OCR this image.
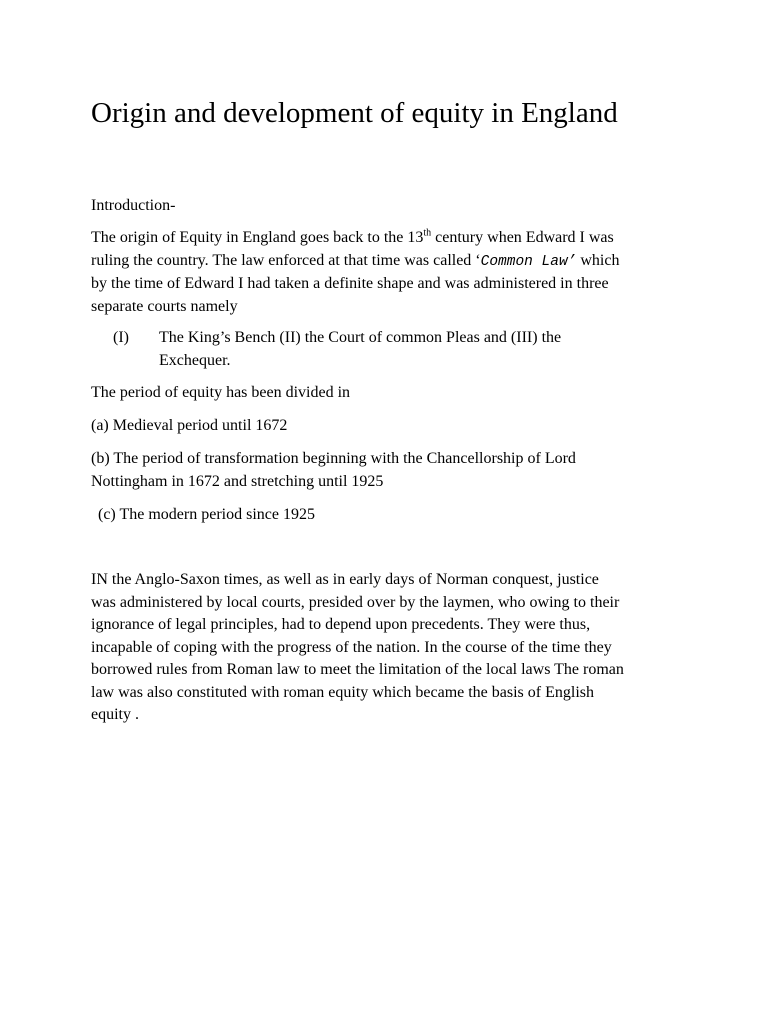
Origin and development of equity in England
Introduction-
The origin of Equity in England goes back to the 13th century when Edward I was
ruling the country. The law enforced at that time was called ‘Common Law’ which
by the time of Edward I had taken a definite shape and was administered in three
separate courts namely
(I) The King’s Bench (II) the Court of common Pleas and (III) the
Exchequer.
The period of equity has been divided in
(a) Medieval period until 1672
(b) The period of transformation beginning with the Chancellorship of Lord
Nottingham in 1672 and stretching until 1925
(c) The modern period since 1925
IN the Anglo-Saxon times, as well as in early days of Norman conquest, justice
was administered by local courts, presided over by the laymen, who owing to their
ignorance of legal principles, had to depend upon precedents. They were thus,
incapable of coping with the progress of the nation. In the course of the time they
borrowed rules from Roman law to meet the limitation of the local laws The roman
law was also constituted with roman equity which became the basis of English
equity .
